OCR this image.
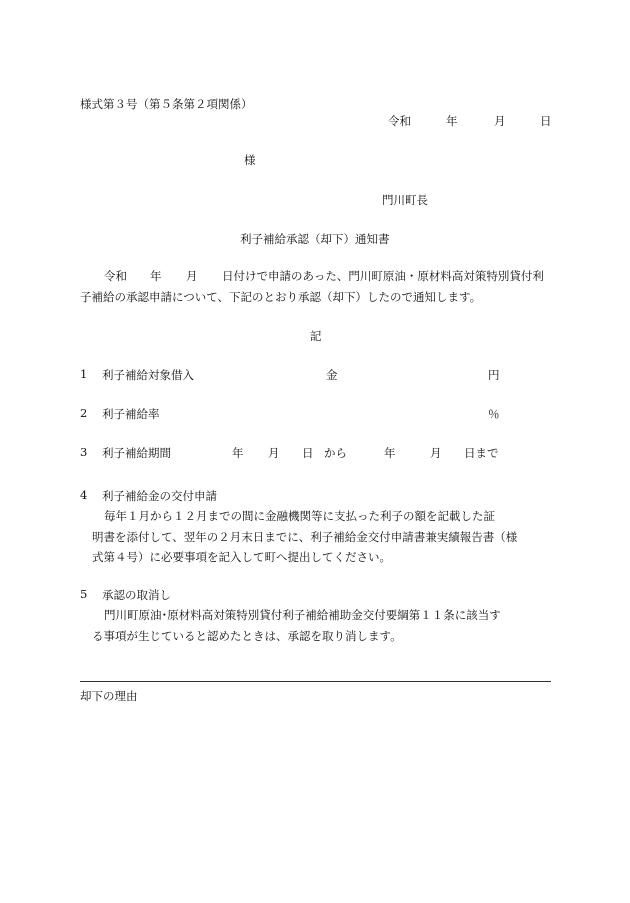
様式第３号（第５条第２項関係）
令和	年	月	日
様
門川町長
利子補給承認（却下）通知書
令和 年 月 日付けで申請のあった、門川町原油・原材料高対策特別貸付利
子補給の承認申請について、下記のとおり承認（却下）したので通知します。
記
1 利子補給対象借入	金	円
2 利子補給率	％
3 利子補給期間	年 月 日 から	年	月 日まで
4 利子補給金の交付申請
毎年１月から１２月までの間に金融機関等に支払った利子の額を記載した証
明書を添付して、翌年の２月末日までに、利子補給金交付申請書兼実績報告書（様
式第４号）に必要事項を記入して町へ提出してください。
5 承認の取消し
門川町原油･原材料高対策特別貸付利子補給補助金交付要綱第１１条に該当す
る事項が生じていると認めたときは、承認を取り消します。
却下の理由
